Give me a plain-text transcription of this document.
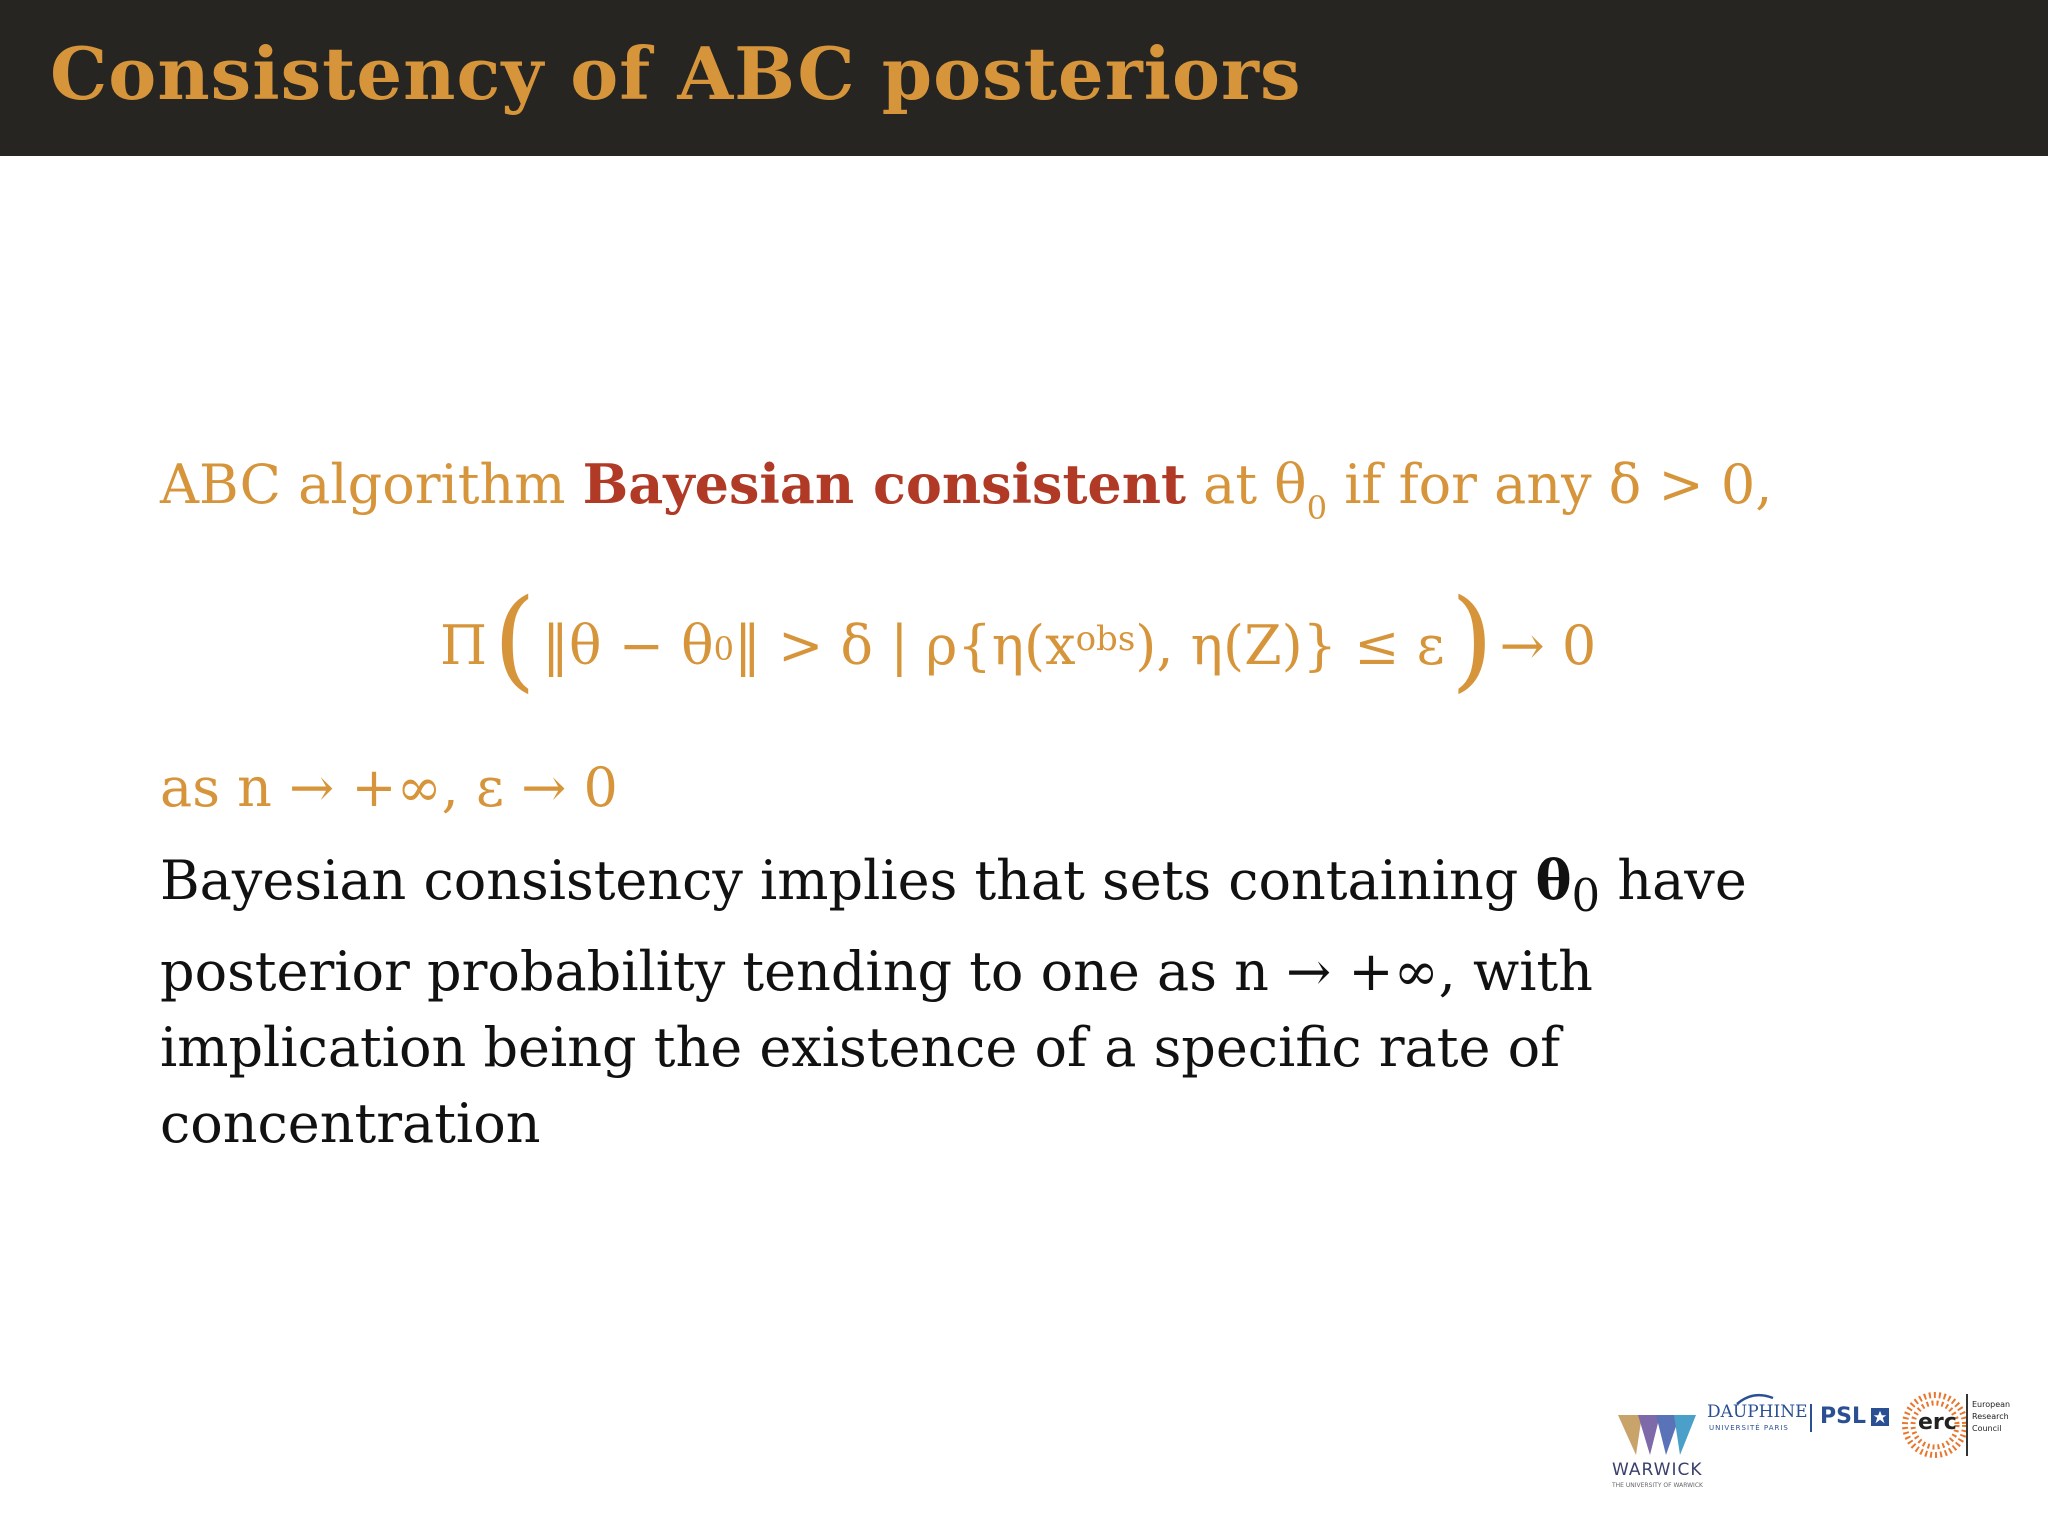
Consistency of ABC posteriors
ABC algorithm Bayesian consistent at $\theta_0$ if for any δ > 0,
Π ( ‖θ − $\theta_0$ ‖ > δ | $\rho\{\eta(x^{obs}$ ), η(Z)} ≤ ε ) → 0
as n → +∞, ε → 0
Bayesian consistency implies that sets containing $\theta_0$ have
posterior probability tending to one as n → +∞, with
implication being the existence of a specific rate of
concentration
WARWICK
THE UNIVERSITY OF WARWICK
DAUPHINE
UNIVERSITÉ PARIS PSL erc
European
Research
Council
